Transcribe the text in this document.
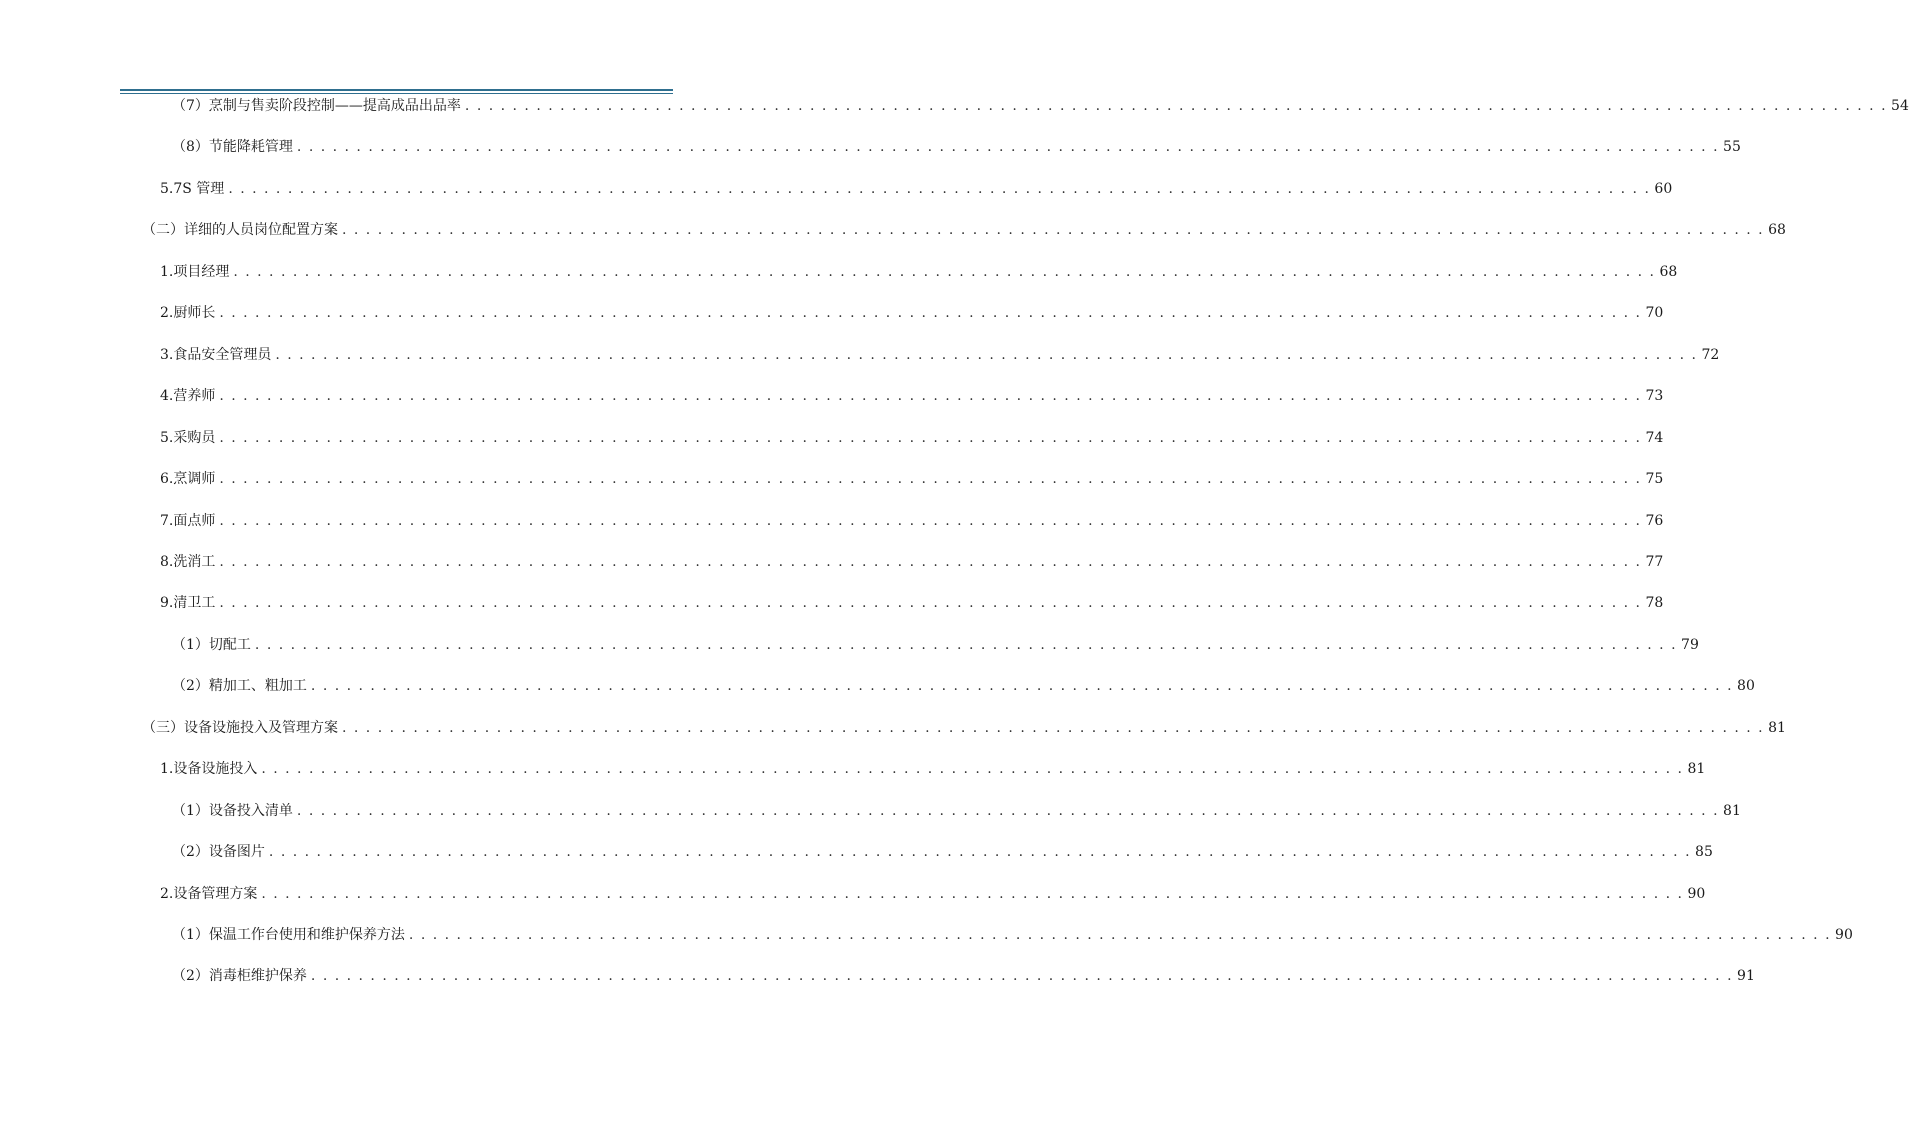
（7） 烹制与售卖阶段控制——提高成品出品率 . . . . . . . . . . . . . . . . . . . . . . . . . . . . . . . . . . . . . . . . . . . . . . . . . . . . . . . . . . . . . . . . . . . . . . . . . . . . . . . . . . . . . . . . . . . . . . . . . . . . . . . . . . . . . . . . . . . . . . . . 54
（8） 节能降耗管理 . . . . . . . . . . . . . . . . . . . . . . . . . . . . . . . . . . . . . . . . . . . . . . . . . . . . . . . . . . . . . . . . . . . . . . . . . . . . . . . . . . . . . . . . . . . . . . . . . . . . . . . . . . . . . . . . . . . . . . . . 55
5. 7S 管理 . . . . . . . . . . . . . . . . . . . . . . . . . . . . . . . . . . . . . . . . . . . . . . . . . . . . . . . . . . . . . . . . . . . . . . . . . . . . . . . . . . . . . . . . . . . . . . . . . . . . . . . . . . . . . . . . . . . . . . . . 60
（二） 详细的人员岗位配置方案 . . . . . . . . . . . . . . . . . . . . . . . . . . . . . . . . . . . . . . . . . . . . . . . . . . . . . . . . . . . . . . . . . . . . . . . . . . . . . . . . . . . . . . . . . . . . . . . . . . . . . . . . . . . . . . . . . . . . . . . . 68
1. 项目经理 . . . . . . . . . . . . . . . . . . . . . . . . . . . . . . . . . . . . . . . . . . . . . . . . . . . . . . . . . . . . . . . . . . . . . . . . . . . . . . . . . . . . . . . . . . . . . . . . . . . . . . . . . . . . . . . . . . . . . . . . 68
2. 厨师长 . . . . . . . . . . . . . . . . . . . . . . . . . . . . . . . . . . . . . . . . . . . . . . . . . . . . . . . . . . . . . . . . . . . . . . . . . . . . . . . . . . . . . . . . . . . . . . . . . . . . . . . . . . . . . . . . . . . . . . . . 70
3. 食品安全管理员 . . . . . . . . . . . . . . . . . . . . . . . . . . . . . . . . . . . . . . . . . . . . . . . . . . . . . . . . . . . . . . . . . . . . . . . . . . . . . . . . . . . . . . . . . . . . . . . . . . . . . . . . . . . . . . . . . . . . . . . . 72
4. 营养师 . . . . . . . . . . . . . . . . . . . . . . . . . . . . . . . . . . . . . . . . . . . . . . . . . . . . . . . . . . . . . . . . . . . . . . . . . . . . . . . . . . . . . . . . . . . . . . . . . . . . . . . . . . . . . . . . . . . . . . . . 73
5. 采购员 . . . . . . . . . . . . . . . . . . . . . . . . . . . . . . . . . . . . . . . . . . . . . . . . . . . . . . . . . . . . . . . . . . . . . . . . . . . . . . . . . . . . . . . . . . . . . . . . . . . . . . . . . . . . . . . . . . . . . . . . 74
6. 烹调师 . . . . . . . . . . . . . . . . . . . . . . . . . . . . . . . . . . . . . . . . . . . . . . . . . . . . . . . . . . . . . . . . . . . . . . . . . . . . . . . . . . . . . . . . . . . . . . . . . . . . . . . . . . . . . . . . . . . . . . . . 75
7. 面点师 . . . . . . . . . . . . . . . . . . . . . . . . . . . . . . . . . . . . . . . . . . . . . . . . . . . . . . . . . . . . . . . . . . . . . . . . . . . . . . . . . . . . . . . . . . . . . . . . . . . . . . . . . . . . . . . . . . . . . . . . 76
8. 洗消工 . . . . . . . . . . . . . . . . . . . . . . . . . . . . . . . . . . . . . . . . . . . . . . . . . . . . . . . . . . . . . . . . . . . . . . . . . . . . . . . . . . . . . . . . . . . . . . . . . . . . . . . . . . . . . . . . . . . . . . . . 77
9. 清卫工 . . . . . . . . . . . . . . . . . . . . . . . . . . . . . . . . . . . . . . . . . . . . . . . . . . . . . . . . . . . . . . . . . . . . . . . . . . . . . . . . . . . . . . . . . . . . . . . . . . . . . . . . . . . . . . . . . . . . . . . . 78
（1） 切配工 . . . . . . . . . . . . . . . . . . . . . . . . . . . . . . . . . . . . . . . . . . . . . . . . . . . . . . . . . . . . . . . . . . . . . . . . . . . . . . . . . . . . . . . . . . . . . . . . . . . . . . . . . . . . . . . . . . . . . . . . 79
（2） 精加工、粗加工 . . . . . . . . . . . . . . . . . . . . . . . . . . . . . . . . . . . . . . . . . . . . . . . . . . . . . . . . . . . . . . . . . . . . . . . . . . . . . . . . . . . . . . . . . . . . . . . . . . . . . . . . . . . . . . . . . . . . . . . . 80
（三） 设备设施投入及管理方案 . . . . . . . . . . . . . . . . . . . . . . . . . . . . . . . . . . . . . . . . . . . . . . . . . . . . . . . . . . . . . . . . . . . . . . . . . . . . . . . . . . . . . . . . . . . . . . . . . . . . . . . . . . . . . . . . . . . . . . . . 81
1. 设备设施投入 . . . . . . . . . . . . . . . . . . . . . . . . . . . . . . . . . . . . . . . . . . . . . . . . . . . . . . . . . . . . . . . . . . . . . . . . . . . . . . . . . . . . . . . . . . . . . . . . . . . . . . . . . . . . . . . . . . . . . . . . 81
（1） 设备投入清单 . . . . . . . . . . . . . . . . . . . . . . . . . . . . . . . . . . . . . . . . . . . . . . . . . . . . . . . . . . . . . . . . . . . . . . . . . . . . . . . . . . . . . . . . . . . . . . . . . . . . . . . . . . . . . . . . . . . . . . . . 81
（2） 设备图片 . . . . . . . . . . . . . . . . . . . . . . . . . . . . . . . . . . . . . . . . . . . . . . . . . . . . . . . . . . . . . . . . . . . . . . . . . . . . . . . . . . . . . . . . . . . . . . . . . . . . . . . . . . . . . . . . . . . . . . . . 85
2. 设备管理方案 . . . . . . . . . . . . . . . . . . . . . . . . . . . . . . . . . . . . . . . . . . . . . . . . . . . . . . . . . . . . . . . . . . . . . . . . . . . . . . . . . . . . . . . . . . . . . . . . . . . . . . . . . . . . . . . . . . . . . . . . 90
（1） 保温工作台使用和维护保养方法 . . . . . . . . . . . . . . . . . . . . . . . . . . . . . . . . . . . . . . . . . . . . . . . . . . . . . . . . . . . . . . . . . . . . . . . . . . . . . . . . . . . . . . . . . . . . . . . . . . . . . . . . . . . . . . . . . . . . . . . . 90
（2） 消毒柜维护保养 . . . . . . . . . . . . . . . . . . . . . . . . . . . . . . . . . . . . . . . . . . . . . . . . . . . . . . . . . . . . . . . . . . . . . . . . . . . . . . . . . . . . . . . . . . . . . . . . . . . . . . . . . . . . . . . . . . . . . . . . 91
